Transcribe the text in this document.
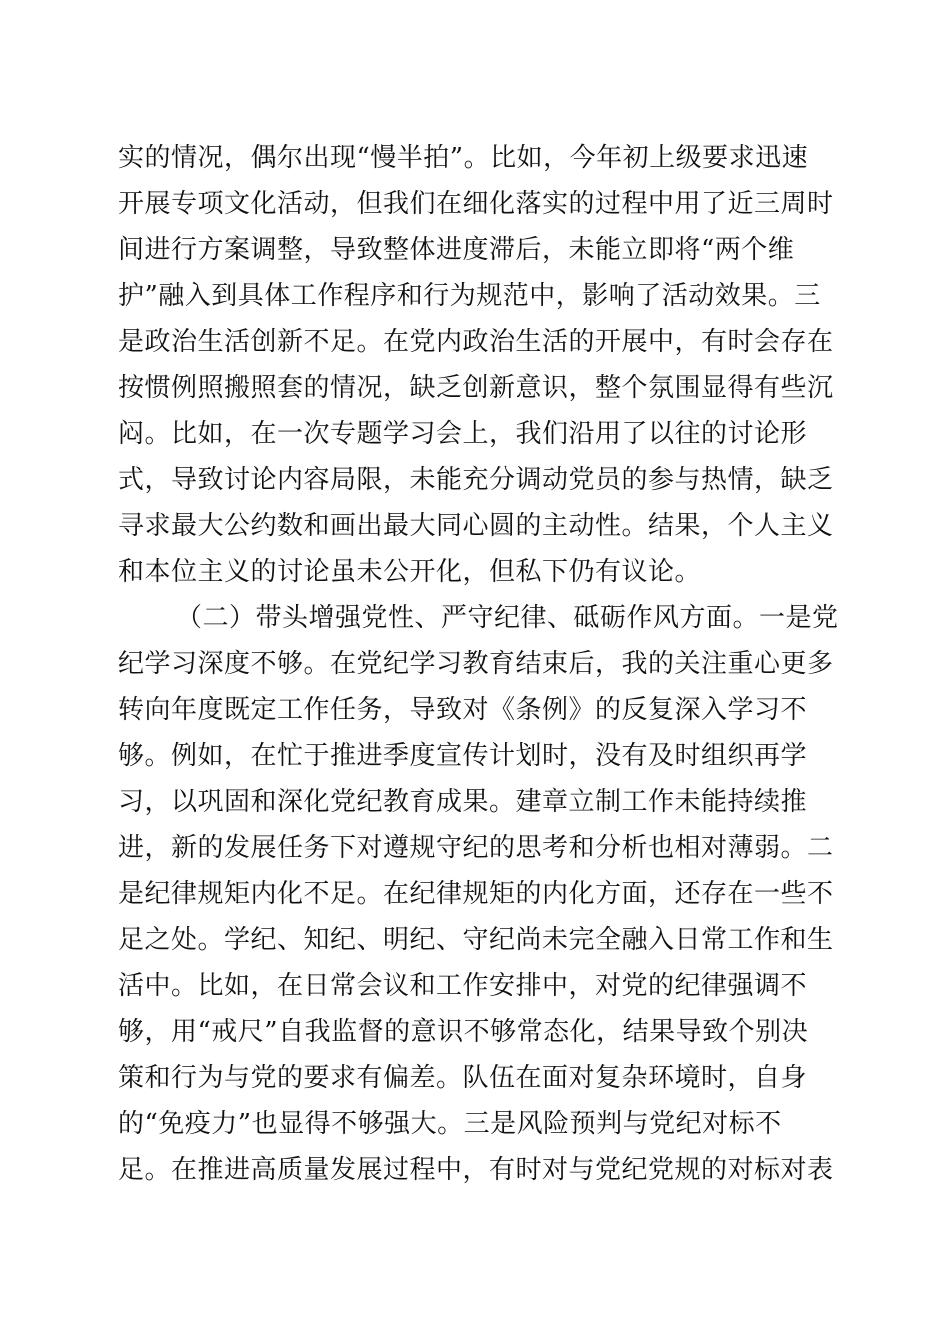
实的情况，偶尔出现“慢半拍”。比如，今年初上级要求迅速
开展专项文化活动，但我们在细化落实的过程中用了近三周时
间进行方案调整，导致整体进度滞后，未能立即将“两个维
护”融入到具体工作程序和行为规范中，影响了活动效果。三
是政治生活创新不足。在党内政治生活的开展中，有时会存在
按惯例照搬照套的情况，缺乏创新意识，整个氛围显得有些沉
闷。比如，在一次专题学习会上，我们沿用了以往的讨论形
式，导致讨论内容局限，未能充分调动党员的参与热情，缺乏
寻求最大公约数和画出最大同心圆的主动性。结果，个人主义
和本位主义的讨论虽未公开化，但私下仍有议论。
（二）带头增强党性、严守纪律、砥砺作风方面。一是党
纪学习深度不够。在党纪学习教育结束后，我的关注重心更多
转向年度既定工作任务，导致对《条例》的反复深入学习不
够。例如，在忙于推进季度宣传计划时，没有及时组织再学
习，以巩固和深化党纪教育成果。建章立制工作未能持续推
进，新的发展任务下对遵规守纪的思考和分析也相对薄弱。二
是纪律规矩内化不足。在纪律规矩的内化方面，还存在一些不
足之处。学纪、知纪、明纪、守纪尚未完全融入日常工作和生
活中。比如，在日常会议和工作安排中，对党的纪律强调不
够，用“戒尺”自我监督的意识不够常态化，结果导致个别决
策和行为与党的要求有偏差。队伍在面对复杂环境时，自身
的“免疫力”也显得不够强大。三是风险预判与党纪对标不
足。在推进高质量发展过程中，有时对与党纪党规的对标对表
